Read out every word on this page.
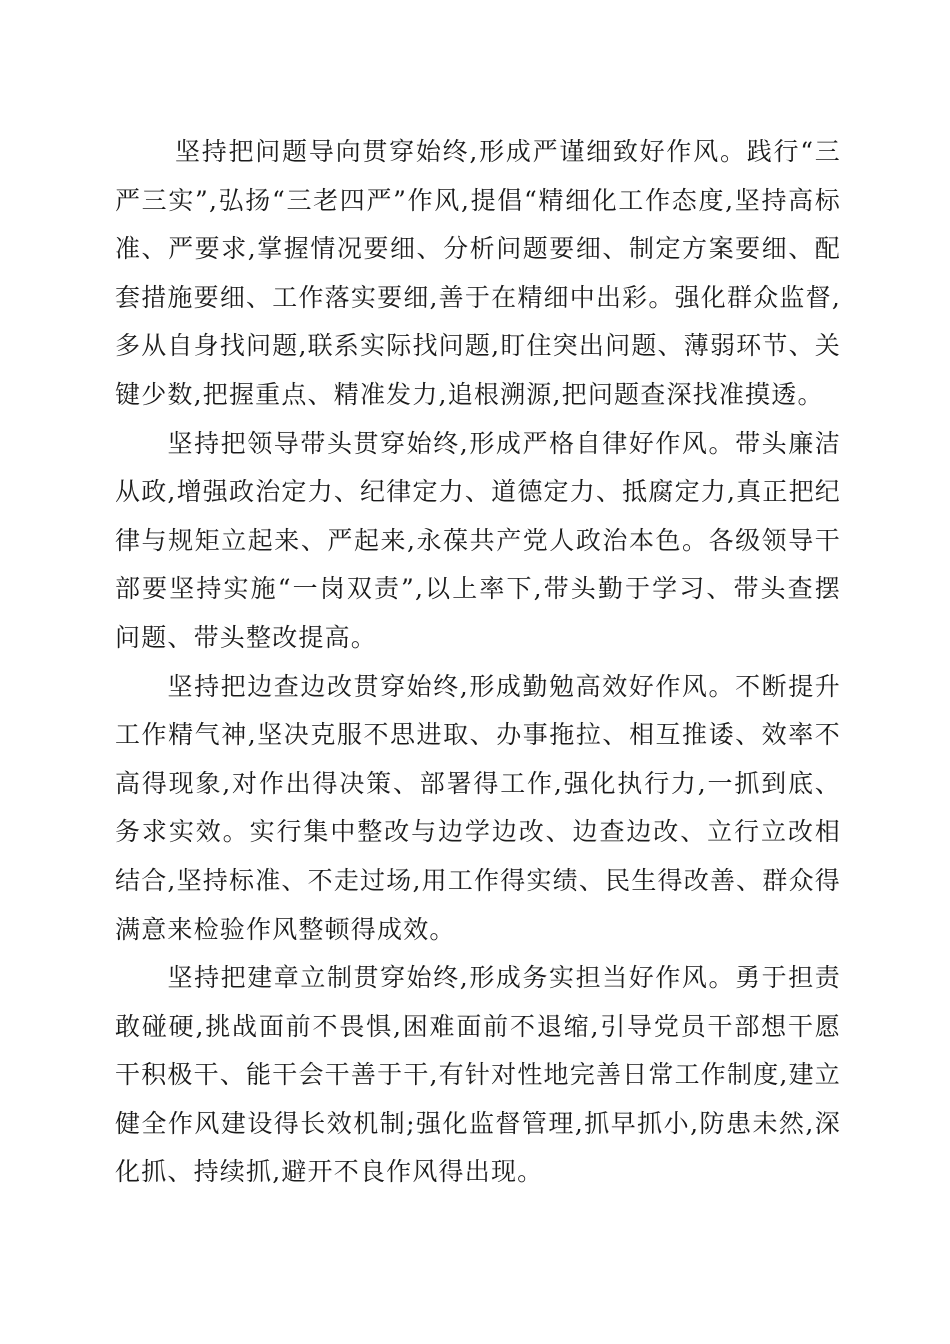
坚持把问题导向贯穿始终,形成严谨细致好作风。践行“三严三实”,弘扬“三老四严”作风,提倡“精细化工作态度,坚持高标准、严要求,掌握情况要细、分析问题要细、制定方案要细、配套措施要细、工作落实要细,善于在精细中出彩。强化群众监督,多从自身找问题,联系实际找问题,盯住突出问题、薄弱环节、关键少数,把握重点、精准发力,追根溯源,把问题查深找准摸透。

坚持把领导带头贯穿始终,形成严格自律好作风。带头廉洁从政,增强政治定力、纪律定力、道德定力、抵腐定力,真正把纪律与规矩立起来、严起来,永葆共产党人政治本色。各级领导干部要坚持实施“一岗双责”,以上率下,带头勤于学习、带头查摆问题、带头整改提高。

坚持把边查边改贯穿始终,形成勤勉高效好作风。不断提升工作精气神,坚决克服不思进取、办事拖拉、相互推诿、效率不高得现象,对作出得决策、部署得工作,强化执行力,一抓到底、务求实效。实行集中整改与边学边改、边查边改、立行立改相结合,坚持标准、不走过场,用工作得实绩、民生得改善、群众得满意来检验作风整顿得成效。

坚持把建章立制贯穿始终,形成务实担当好作风。勇于担责敢碰硬,挑战面前不畏惧,困难面前不退缩,引导党员干部想干愿干积极干、能干会干善于干,有针对性地完善日常工作制度,建立健全作风建设得长效机制;强化监督管理,抓早抓小,防患未然,深化抓、持续抓,避开不良作风得出现。
